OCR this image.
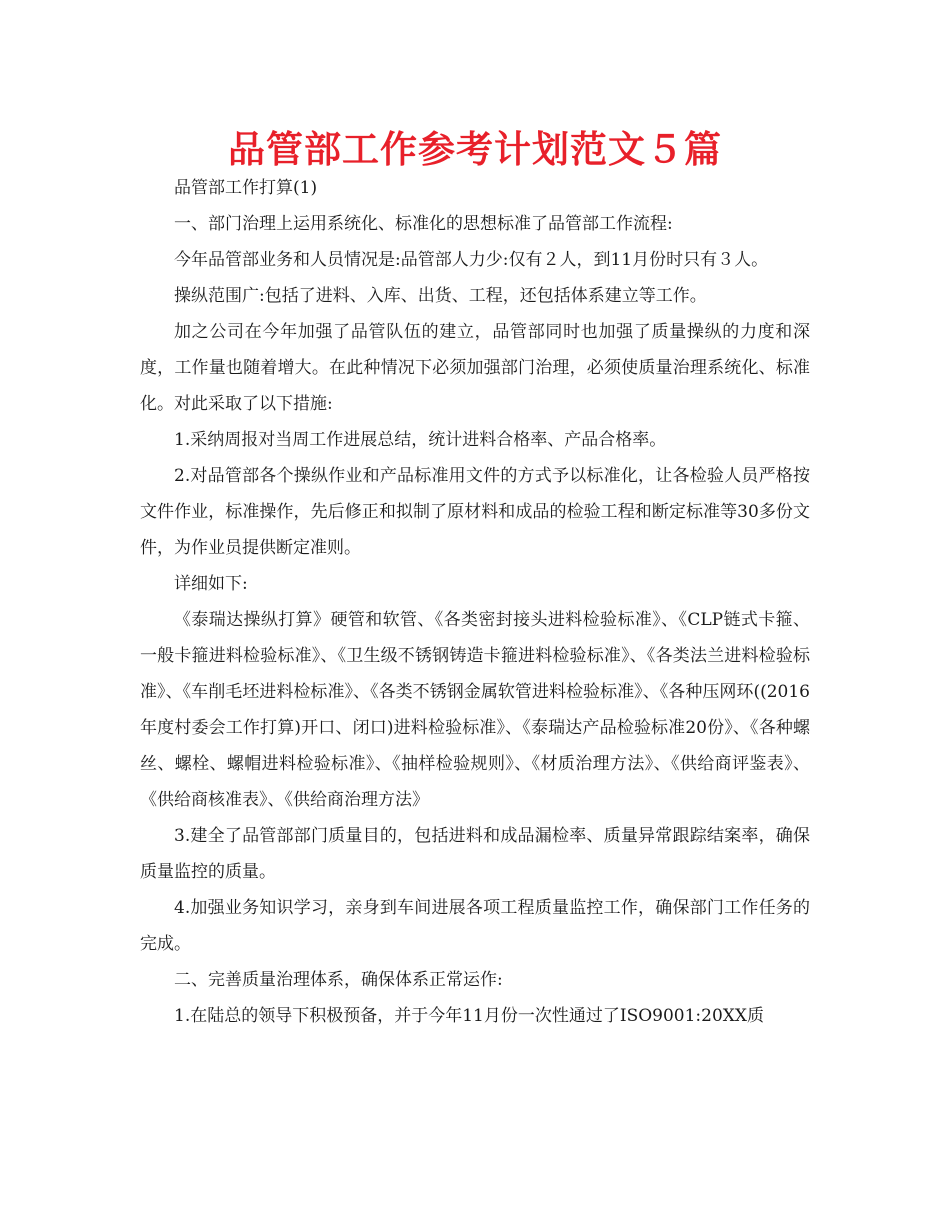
品管部工作参考计划范文５篇

品管部工作打算(1)

一、部门治理上运用系统化、标准化的思想标准了品管部工作流程:

今年品管部业务和人员情况是:品管部人力少:仅有２人，到11月份时只有３人。

操纵范围广:包括了进料、入库、出货、工程，还包括体系建立等工作。

加之公司在今年加强了品管队伍的建立，品管部同时也加强了质量操纵的力度和深度，工作量也随着增大。在此种情况下必须加强部门治理，必须使质量治理系统化、标准化。对此采取了以下措施:

1.采纳周报对当周工作进展总结，统计进料合格率、产品合格率。

2.对品管部各个操纵作业和产品标准用文件的方式予以标准化，让各检验人员严格按文件作业，标准操作，先后修正和拟制了原材料和成品的检验工程和断定标准等30多份文件，为作业员提供断定准则。

详细如下:

《泰瑞达操纵打算》硬管和软管、《各类密封接头进料检验标准》、《CLP链式卡箍、一般卡箍进料检验标准》、《卫生级不锈钢铸造卡箍进料检验标准》、《各类法兰进料检验标准》、《车削毛坯进料检标准》、《各类不锈钢金属软管进料检验标准》、《各种压网环((2016年度村委会工作打算)开口、闭口)进料检验标准》、《泰瑞达产品检验标准20份》、《各种螺丝、螺栓、螺帽进料检验标准》、《抽样检验规则》、《材质治理方法》、《供给商评鉴表》、《供给商核准表》、《供给商治理方法》

3.建全了品管部部门质量目的，包括进料和成品漏检率、质量异常跟踪结案率，确保质量监控的质量。

4.加强业务知识学习，亲身到车间进展各项工程质量监控工作，确保部门工作任务的完成。

二、完善质量治理体系，确保体系正常运作:

1.在陆总的领导下积极预备，并于今年11月份一次性通过了ISO9001:20XX质
